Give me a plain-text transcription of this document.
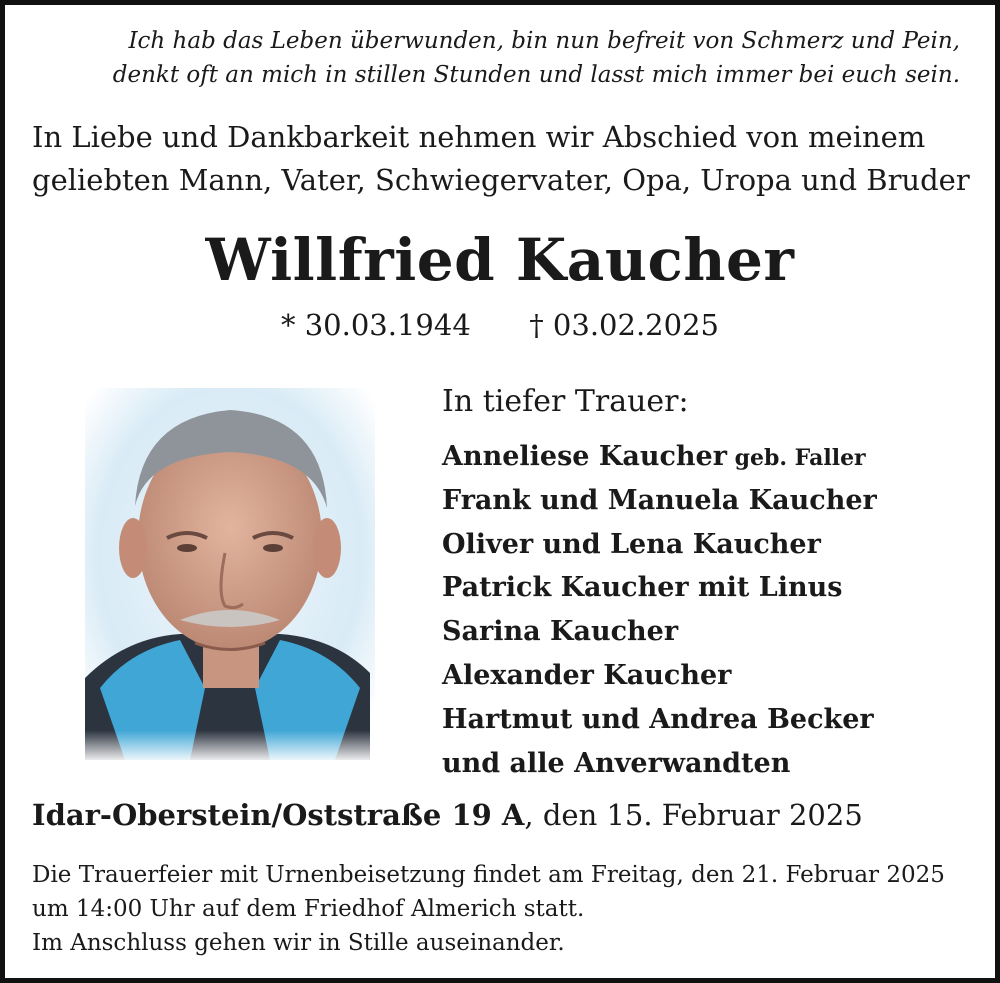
Ich hab das Leben überwunden, bin nun befreit von Schmerz und Pein,
denkt oft an mich in stillen Stunden und lasst mich immer bei euch sein.
In Liebe und Dankbarkeit nehmen wir Abschied von meinem
geliebten Mann, Vater, Schwiegervater, Opa, Uropa und Bruder
Willfried Kaucher
* 30.03.1944 † 03.02.2025
In tiefer Trauer:
Anneliese Kaucher geb. Faller
Frank und Manuela Kaucher
Oliver und Lena Kaucher
Patrick Kaucher mit Linus
Sarina Kaucher
Alexander Kaucher
Hartmut und Andrea Becker
und alle Anverwandten
Idar-Oberstein/Oststraße 19 A, den 15. Februar 2025
Die Trauerfeier mit Urnenbeisetzung findet am Freitag, den 21. Februar 2025
um 14:00 Uhr auf dem Friedhof Almerich statt.
Im Anschluss gehen wir in Stille auseinander.
